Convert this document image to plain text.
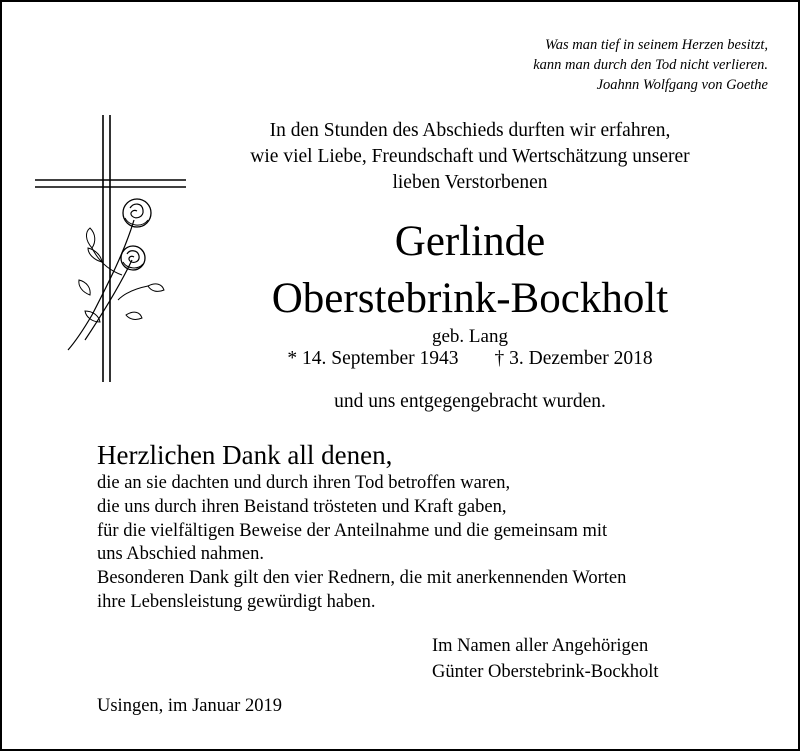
Was man tief in seinem Herzen besitzt,
kann man durch den Tod nicht verlieren.
Joahnn Wolfgang von Goethe
In den Stunden des Abschieds durften wir erfahren,
wie viel Liebe, Freundschaft und Wertschätzung unserer
lieben Verstorbenen
Gerlinde
Oberstebrink-Bockholt
geb. Lang
* 14. September 1943 † 3. Dezember 2018
und uns entgegengebracht wurden.
Herzlichen Dank all denen,
die an sie dachten und durch ihren Tod betroffen waren,
die uns durch ihren Beistand trösteten und Kraft gaben,
für die vielfältigen Beweise der Anteilnahme und die gemeinsam mit
uns Abschied nahmen.
Besonderen Dank gilt den vier Rednern, die mit anerkennenden Worten
ihre Lebensleistung gewürdigt haben.
Im Namen aller Angehörigen
Günter Oberstebrink-Bockholt
Usingen, im Januar 2019
